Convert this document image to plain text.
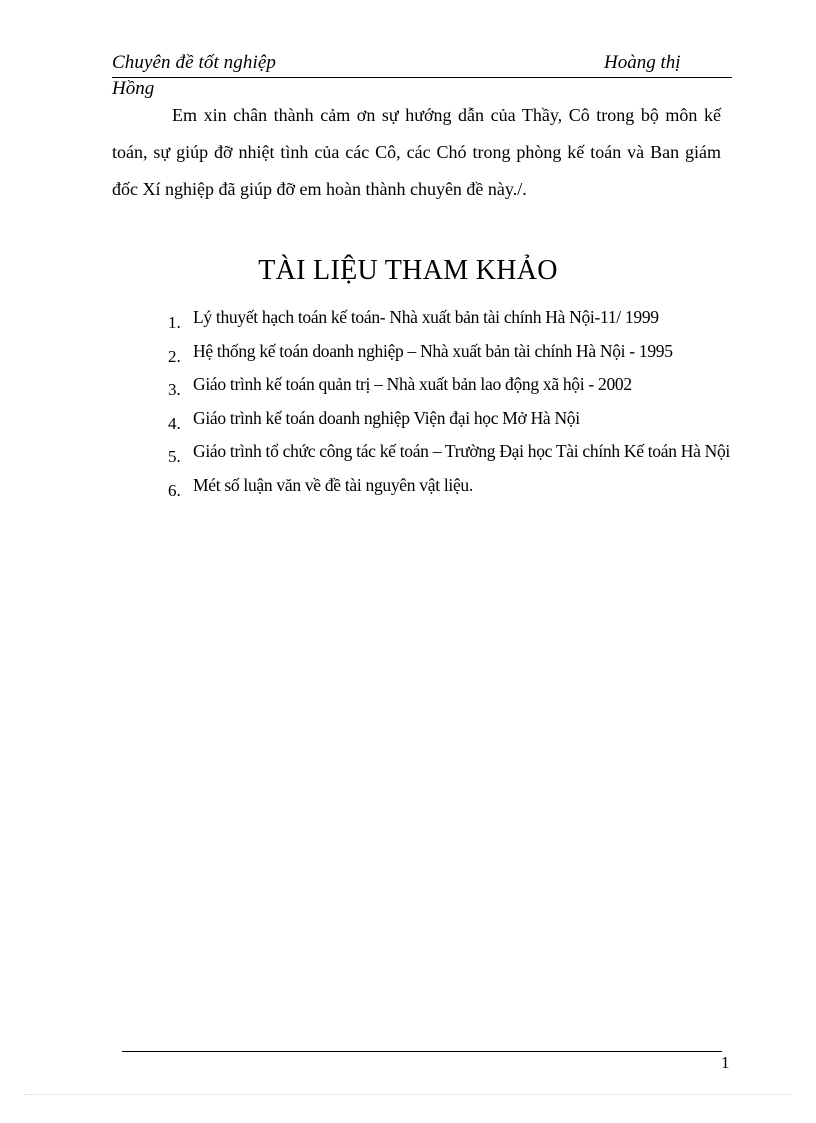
Chuyên đề tốt nghiệp	Hoàng thị
Hồng
Em xin chân thành cảm ơn sự hướng dẫn của Thầy, Cô trong bộ môn kế
toán, sự giúp đỡ nhiệt tình của các Cô, các Chó trong phòng kế toán và Ban giám
đốc Xí nghiệp đã giúp đỡ em hoàn thành chuyên đề này./.
TÀI LIỆU THAM KHẢO
1. Lý thuyết hạch toán kế toán- Nhà xuất bản tài chính Hà Nội-11/ 1999
2. Hệ thống kế toán doanh nghiệp – Nhà xuất bản tài chính Hà Nội - 1995
3. Giáo trình kế toán quản trị – Nhà xuất bản lao động xã hội - 2002
4. Giáo trình kế toán doanh nghiệp Viện đại học Mở Hà Nội
5. Giáo trình tổ chức công tác kế toán – Trường Đại học Tài chính Kế toán Hà Nội
6. Mét số luận văn về đề tài nguyên vật liệu.
1
